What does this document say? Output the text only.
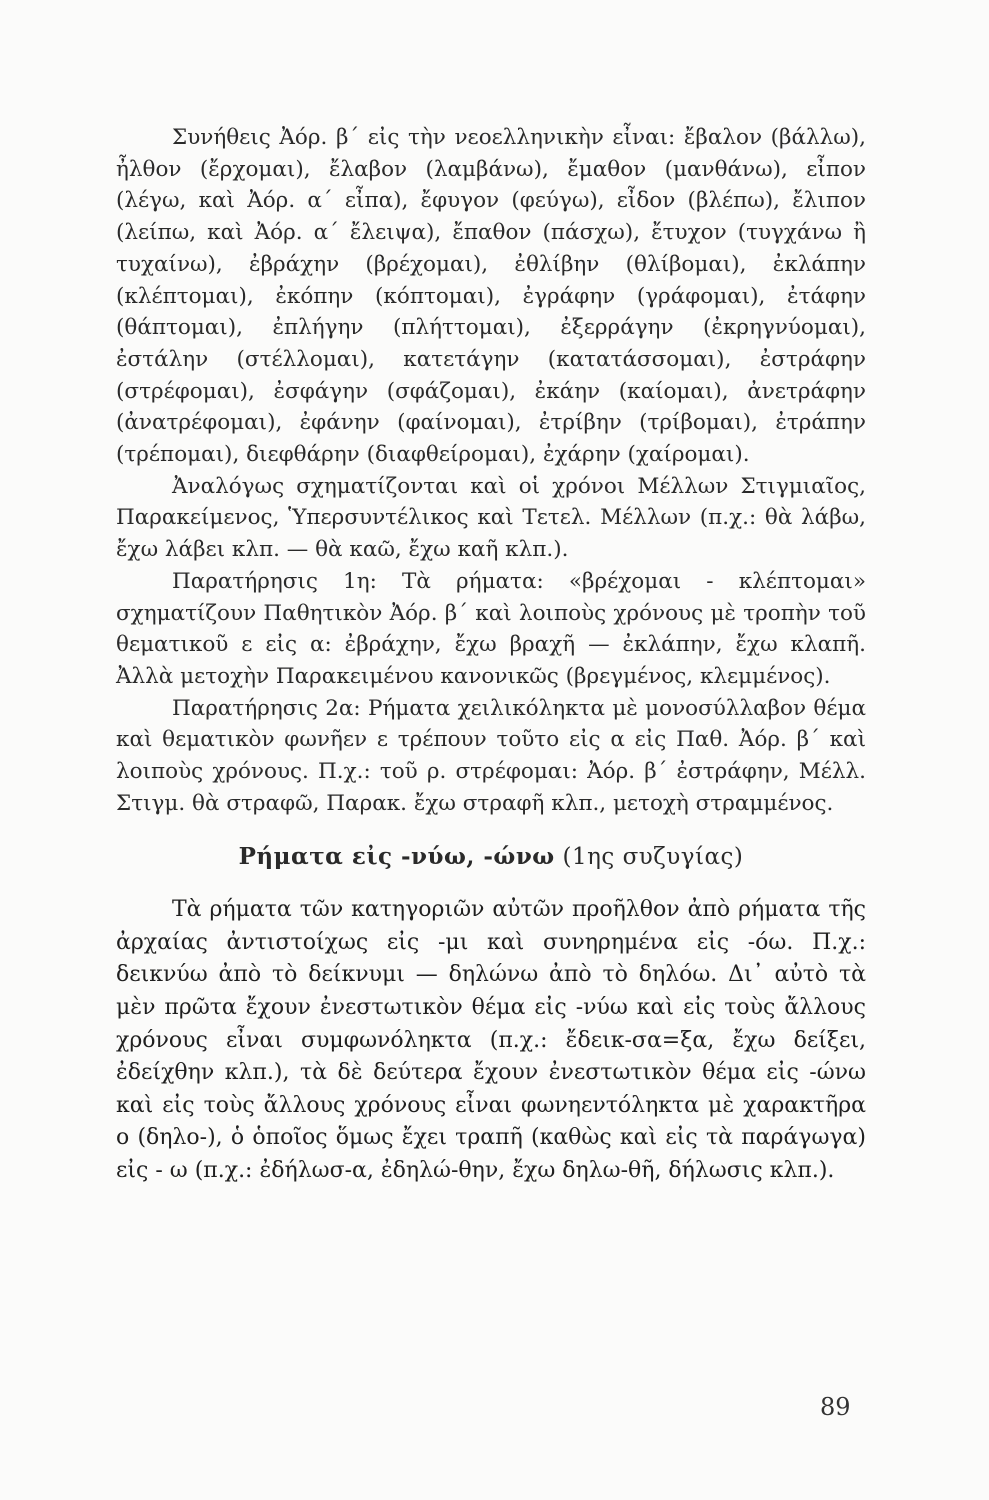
Συνήθεις Ἀόρ. β΄ εἰς τὴν νεοελληνικὴν εἶναι: ἔβαλον (βάλλω), ἦλθον (ἔρχομαι), ἔλαβον (λαμβάνω), ἔμαθον (μανθάνω), εἶπον (λέγω, καὶ Ἀόρ. α΄ εἶπα), ἔφυγον (φεύγω), εἶδον (βλέπω), ἔλιπον (λείπω, καὶ Ἀόρ. α΄ ἔλειψα), ἔπαθον (πάσχω), ἔτυχον (τυγχάνω ἢ τυχαίνω), ἐβράχην (βρέχομαι), ἐθλίβην (θλίβομαι), ἐκλάπην (κλέπτομαι), ἐκόπην (κόπτομαι), ἐγράφην (γράφομαι), ἐτάφην (θάπτομαι), ἐπλήγην (πλήττομαι), ἐξερράγην (ἐκρηγνύομαι), ἐστάλην (στέλλομαι), κατετάγην (κατατάσσομαι), ἐστράφην (στρέφομαι), ἐσφάγην (σφάζομαι), ἐκάην (καίομαι), ἀνετράφην (ἀνατρέφομαι), ἐφάνην (φαίνομαι), ἐτρίβην (τρίβομαι), ἐτράπην (τρέπομαι), διεφθάρην (διαφθείρομαι), ἐχάρην (χαίρομαι).

Ἀναλόγως σχηματίζονται καὶ οἱ χρόνοι Μέλλων Στιγμιαῖος, Παρακείμενος, Ὑπερσυντέλικος καὶ Τετελ. Μέλλων (π.χ.: θὰ λάβω, ἔχω λάβει κλπ. — θὰ καῶ, ἔχω καῆ κλπ.).

Παρατήρησις 1η: Τὰ ρήματα: «βρέχομαι - κλέπτομαι» σχηματίζουν Παθητικὸν Ἀόρ. β΄ καὶ λοιποὺς χρόνους μὲ τροπὴν τοῦ θεματικοῦ ε εἰς α: ἐβράχην, ἔχω βραχῆ — ἐκλάπην, ἔχω κλαπῆ. Ἀλλὰ μετοχὴν Παρακειμένου κανονικῶς (βρεγμένος, κλεμμένος).

Παρατήρησις 2α: Ρήματα χειλικόληκτα μὲ μονοσύλλαβον θέμα καὶ θεματικὸν φωνῆεν ε τρέπουν τοῦτο εἰς α εἰς Παθ. Ἀόρ. β΄ καὶ λοιποὺς χρόνους. Π.χ.: τοῦ ρ. στρέφομαι: Ἀόρ. β΄ ἐστράφην, Μέλλ. Στιγμ. θὰ στραφῶ, Παρακ. ἔχω στραφῆ κλπ., μετοχὴ στραμμένος.

Ρήματα εἰς -νύω, -ώνω (1ης συζυγίας)

Τὰ ρήματα τῶν κατηγοριῶν αὐτῶν προῆλθον ἀπὸ ρήματα τῆς ἀρχαίας ἀντιστοίχως εἰς -μι καὶ συνηρημένα εἰς -όω. Π.χ.: δεικνύω ἀπὸ τὸ δείκνυμι — δηλώνω ἀπὸ τὸ δηλόω. Δι᾽ αὐτὸ τὰ μὲν πρῶτα ἔχουν ἐνεστωτικὸν θέμα εἰς -νύω καὶ εἰς τοὺς ἄλλους χρόνους εἶναι συμφωνόληκτα (π.χ.: ἔδεικ-σα=ξα, ἔχω δείξει, ἐδείχθην κλπ.), τὰ δὲ δεύτερα ἔχουν ἐνεστωτικὸν θέμα εἰς -ώνω καὶ εἰς τοὺς ἄλλους χρόνους εἶναι φωνηεντόληκτα μὲ χαρακτῆρα ο (δηλο-), ὁ ὁποῖος ὅμως ἔχει τραπῆ (καθὼς καὶ εἰς τὰ παράγωγα) εἰς - ω (π.χ.: ἐδήλωσ-α, ἐδηλώ-θην, ἔχω δηλω-θῆ, δήλωσις κλπ.).

89
